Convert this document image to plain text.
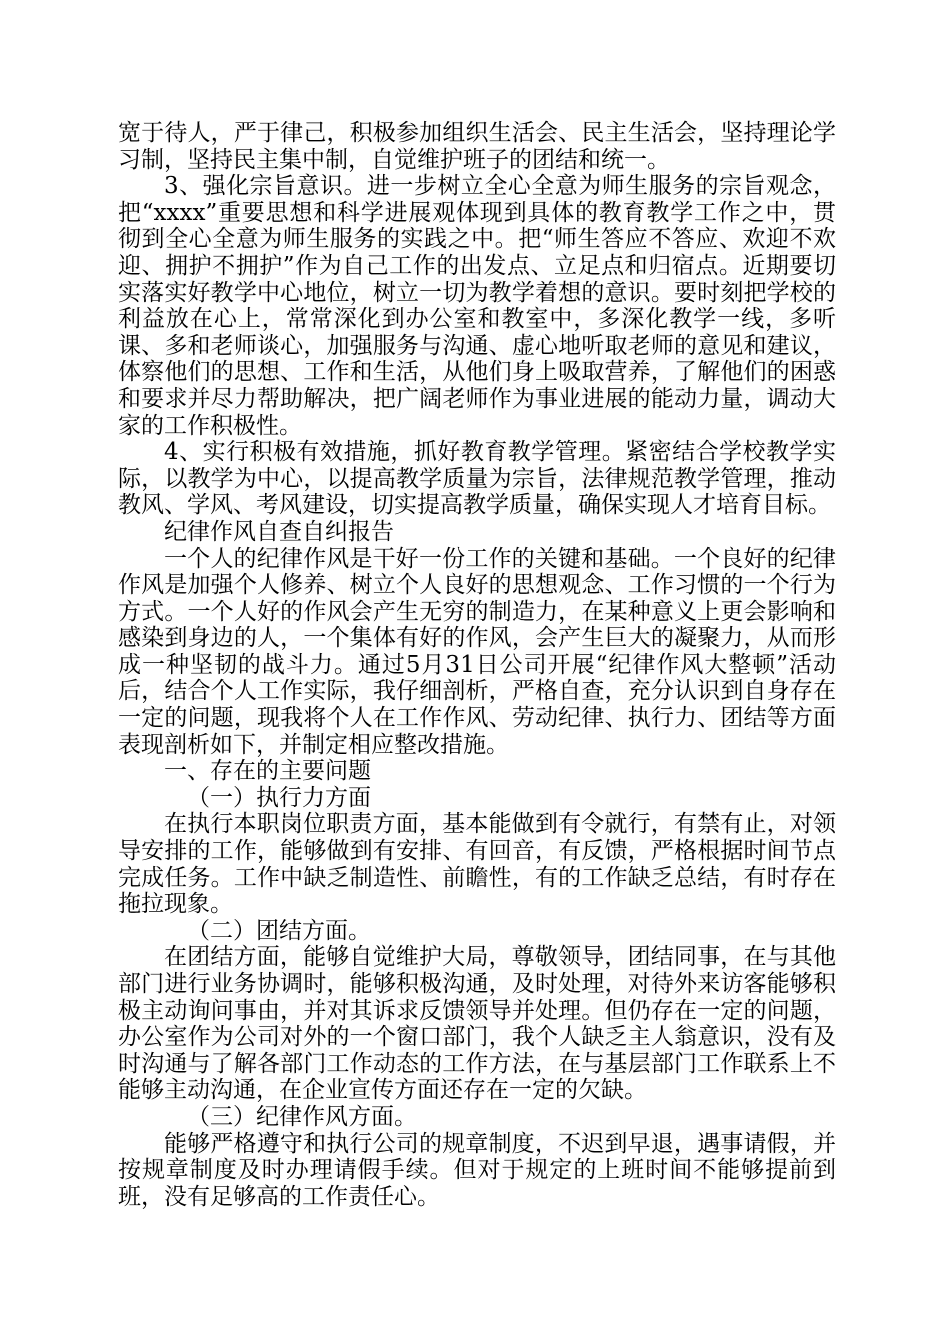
宽于待人，严于律己，积极参加组织生活会、民主生活会，坚持理论学习制，坚持民主集中制，自觉维护班子的团结和统一。

3、强化宗旨意识。进一步树立全心全意为师生服务的宗旨观念，把“xxxx”重要思想和科学进展观体现到具体的教育教学工作之中，贯彻到全心全意为师生服务的实践之中。把“师生答应不答应、欢迎不欢迎、拥护不拥护”作为自己工作的出发点、立足点和归宿点。近期要切实落实好教学中心地位，树立一切为教学着想的意识。要时刻把学校的利益放在心上，常常深化到办公室和教室中，多深化教学一线，多听课、多和老师谈心，加强服务与沟通、虚心地听取老师的意见和建议，体察他们的思想、工作和生活，从他们身上吸取营养，了解他们的困惑和要求并尽力帮助解决，把广阔老师作为事业进展的能动力量，调动大家的工作积极性。

4、实行积极有效措施，抓好教育教学管理。紧密结合学校教学实际，以教学为中心，以提高教学质量为宗旨，法律规范教学管理，推动教风、学风、考风建设，切实提高教学质量，确保实现人才培育目标。

纪律作风自查自纠报告

一个人的纪律作风是干好一份工作的关键和基础。一个良好的纪律作风是加强个人修养、树立个人良好的思想观念、工作习惯的一个行为方式。一个人好的作风会产生无穷的制造力，在某种意义上更会影响和感染到身边的人，一个集体有好的作风，会产生巨大的凝聚力，从而形成一种坚韧的战斗力。通过5月31日公司开展“纪律作风大整顿”活动后，结合个人工作实际，我仔细剖析，严格自查，充分认识到自身存在一定的问题，现我将个人在工作作风、劳动纪律、执行力、团结等方面表现剖析如下，并制定相应整改措施。

一、存在的主要问题

（一）执行力方面

在执行本职岗位职责方面，基本能做到有令就行，有禁有止，对领导安排的工作，能够做到有安排、有回音，有反馈，严格根据时间节点完成任务。工作中缺乏制造性、前瞻性，有的工作缺乏总结，有时存在拖拉现象。

（二）团结方面。

在团结方面，能够自觉维护大局，尊敬领导，团结同事，在与其他部门进行业务协调时，能够积极沟通，及时处理，对待外来访客能够积极主动询问事由，并对其诉求反馈领导并处理。但仍存在一定的问题，办公室作为公司对外的一个窗口部门，我个人缺乏主人翁意识，没有及时沟通与了解各部门工作动态的工作方法，在与基层部门工作联系上不能够主动沟通，在企业宣传方面还存在一定的欠缺。

（三）纪律作风方面。

能够严格遵守和执行公司的规章制度，不迟到早退，遇事请假，并按规章制度及时办理请假手续。但对于规定的上班时间不能够提前到班，没有足够高的工作责任心。
